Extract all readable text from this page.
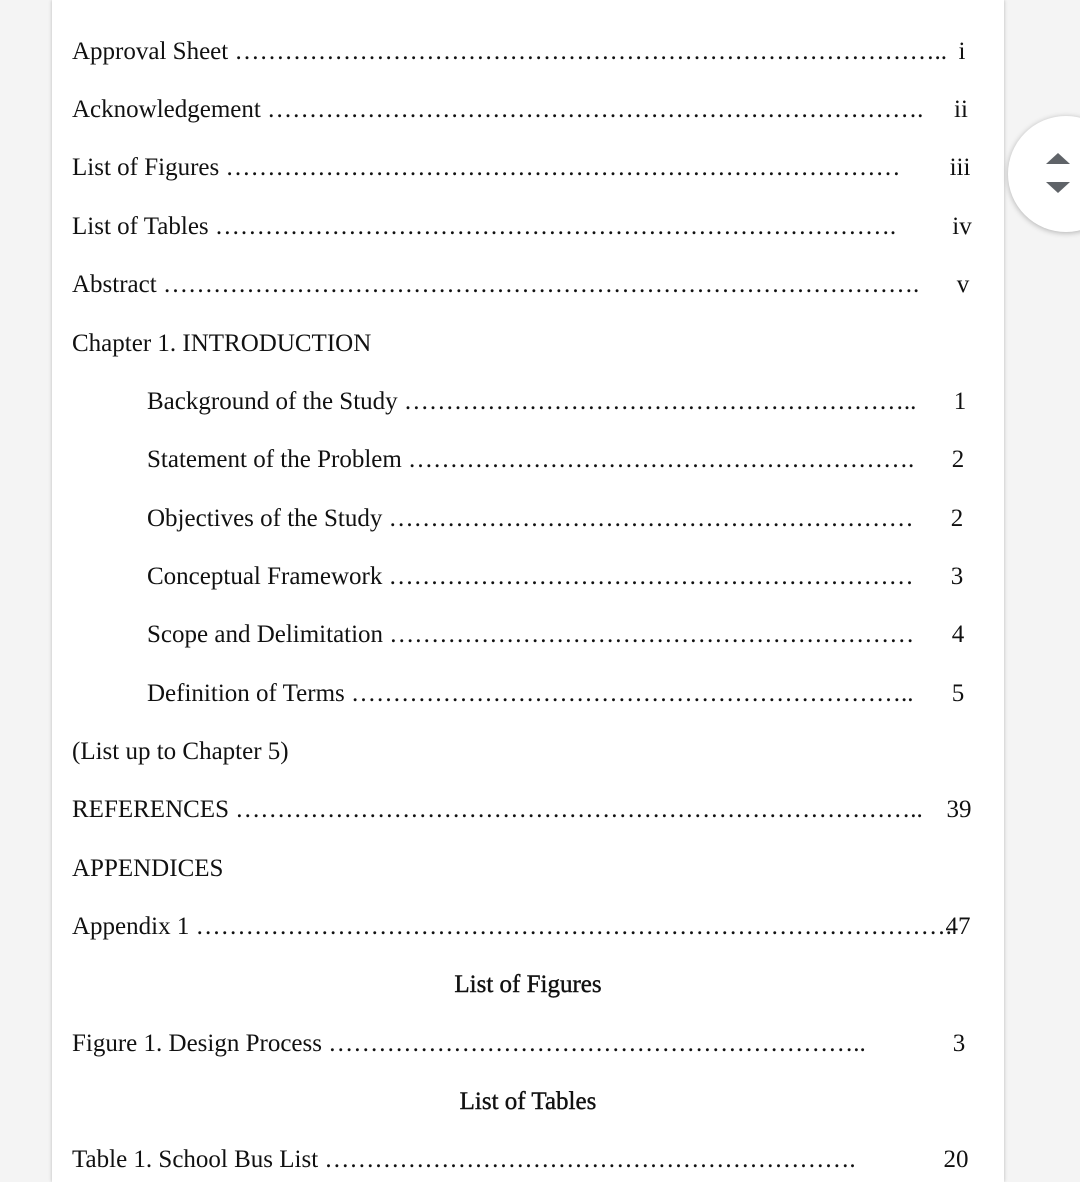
Approval Sheet ………………………………………………………………………….. i
Acknowledgement ……………………………………………………………………. ii
List of Figures ……………………………………………………………………… iii
List of Tables ………………………………………………………………………. iv
Abstract ………………………………………………………………………………. v
Chapter 1. INTRODUCTION
Background of the Study …………………………………………………….. 1
Statement of the Problem ……………………………………………………. 2
Objectives of the Study ……………………………………………………… 2
Conceptual Framework ……………………………………………………… 3
Scope and Delimitation ……………………………………………………… 4
Definition of Terms ………………………………………………………….. 5
(List up to Chapter 5)
REFERENCES ……………………………………………………………………….. 39
APPENDICES
Appendix 1 ……………………………………………………………………………….
47
List of Figures
Figure 1. Design Process ………………………………………………………..	3
List of Tables
Table 1. School Bus List ……………………………………………………….	20
